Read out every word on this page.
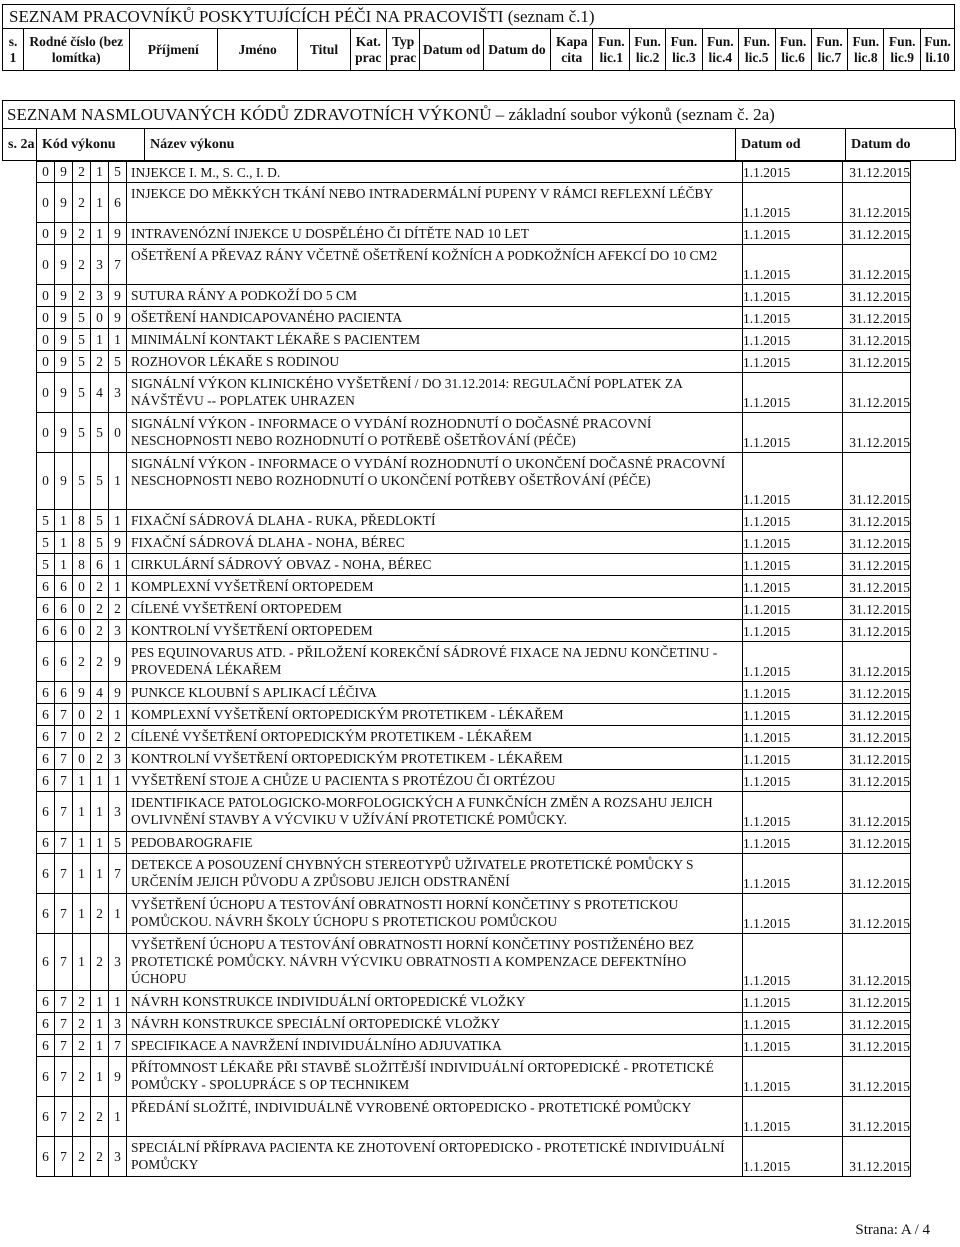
SEZNAM PRACOVNÍKŮ POSKYTUJÍCÍCH PÉČI NA PRACOVIŠTI (seznam č.1)
s. 1	Rodné číslo (bez lomítka)	Příjmení	Jméno	Titul	Kat. prac	Typ prac	Datum od	Datum do	Kapa cita	Fun. lic.1	Fun. lic.2	Fun. lic.3	Fun. lic.4	Fun. lic.5	Fun. lic.6	Fun. lic.7	Fun. lic.8	Fun. lic.9	Fun. li.10
SEZNAM NASMLOUVANÝCH KÓDŮ ZDRAVOTNÍCH VÝKONŮ – základní soubor výkonů (seznam č. 2a)
s. 2a	Kód výkonu	Název výkonu	Datum od	Datum do
0	9	2	1	5	INJEKCE I. M., S. C., I. D.	1.1.2015	31.12.2015
0	9	2	1	6	INJEKCE DO MĚKKÝCH TKÁNÍ NEBO INTRADERMÁLNÍ PUPENY V RÁMCI REFLEXNÍ LÉČBY	1.1.2015	31.12.2015
0	9	2	1	9	INTRAVENÓZNÍ INJEKCE U DOSPĚLÉHO ČI DÍTĚTE NAD 10 LET	1.1.2015	31.12.2015
0	9	2	3	7	OŠETŘENÍ A PŘEVAZ RÁNY VČETNĚ OŠETŘENÍ KOŽNÍCH A PODKOŽNÍCH AFEKCÍ DO 10 CM2	1.1.2015	31.12.2015
0	9	2	3	9	SUTURA RÁNY A PODKOŽÍ DO 5 CM	1.1.2015	31.12.2015
0	9	5	0	9	OŠETŘENÍ HANDICAPOVANÉHO PACIENTA	1.1.2015	31.12.2015
0	9	5	1	1	MINIMÁLNÍ KONTAKT LÉKAŘE S PACIENTEM	1.1.2015	31.12.2015
0	9	5	2	5	ROZHOVOR LÉKAŘE S RODINOU	1.1.2015	31.12.2015
0	9	5	4	3	SIGNÁLNÍ VÝKON KLINICKÉHO VYŠETŘENÍ / DO 31.12.2014: REGULAČNÍ POPLATEK ZA NÁVŠTĚVU -- POPLATEK UHRAZEN	1.1.2015	31.12.2015
0	9	5	5	0	SIGNÁLNÍ VÝKON - INFORMACE O VYDÁNÍ ROZHODNUTÍ O DOČASNÉ PRACOVNÍ NESCHOPNOSTI NEBO ROZHODNUTÍ O POTŘEBĚ OŠETŘOVÁNÍ (PÉČE)	1.1.2015	31.12.2015
0	9	5	5	1	SIGNÁLNÍ VÝKON - INFORMACE O VYDÁNÍ ROZHODNUTÍ O UKONČENÍ DOČASNÉ PRACOVNÍ NESCHOPNOSTI NEBO ROZHODNUTÍ O UKONČENÍ POTŘEBY OŠETŘOVÁNÍ (PÉČE)	1.1.2015	31.12.2015
5	1	8	5	1	FIXAČNÍ SÁDROVÁ DLAHA - RUKA, PŘEDLOKTÍ	1.1.2015	31.12.2015
5	1	8	5	9	FIXAČNÍ SÁDROVÁ DLAHA - NOHA, BÉREC	1.1.2015	31.12.2015
5	1	8	6	1	CIRKULÁRNÍ SÁDROVÝ OBVAZ - NOHA, BÉREC	1.1.2015	31.12.2015
6	6	0	2	1	KOMPLEXNÍ VYŠETŘENÍ ORTOPEDEM	1.1.2015	31.12.2015
6	6	0	2	2	CÍLENÉ VYŠETŘENÍ ORTOPEDEM	1.1.2015	31.12.2015
6	6	0	2	3	KONTROLNÍ VYŠETŘENÍ ORTOPEDEM	1.1.2015	31.12.2015
6	6	2	2	9	PES EQUINOVARUS ATD. - PŘILOŽENÍ KOREKČNÍ SÁDROVÉ FIXACE NA JEDNU KONČETINU - PROVEDENÁ LÉKAŘEM	1.1.2015	31.12.2015
6	6	9	4	9	PUNKCE KLOUBNÍ S APLIKACÍ LÉČIVA	1.1.2015	31.12.2015
6	7	0	2	1	KOMPLEXNÍ VYŠETŘENÍ ORTOPEDICKÝM PROTETIKEM - LÉKAŘEM	1.1.2015	31.12.2015
6	7	0	2	2	CÍLENÉ VYŠETŘENÍ ORTOPEDICKÝM PROTETIKEM - LÉKAŘEM	1.1.2015	31.12.2015
6	7	0	2	3	KONTROLNÍ VYŠETŘENÍ ORTOPEDICKÝM PROTETIKEM - LÉKAŘEM	1.1.2015	31.12.2015
6	7	1	1	1	VYŠETŘENÍ STOJE A CHŮZE U PACIENTA S PROTÉZOU ČI ORTÉZOU	1.1.2015	31.12.2015
6	7	1	1	3	IDENTIFIKACE PATOLOGICKO-MORFOLOGICKÝCH A FUNKČNÍCH ZMĚN A ROZSAHU JEJICH OVLIVNĚNÍ STAVBY A VÝCVIKU V UŽÍVÁNÍ PROTETICKÉ POMŮCKY.	1.1.2015	31.12.2015
6	7	1	1	5	PEDOBAROGRAFIE	1.1.2015	31.12.2015
6	7	1	1	7	DETEKCE A POSOUZENÍ CHYBNÝCH STEREOTYPŮ UŽIVATELE PROTETICKÉ POMŮCKY S URČENÍM JEJICH PŮVODU A ZPŮSOBU JEJICH ODSTRANĚNÍ	1.1.2015	31.12.2015
6	7	1	2	1	VYŠETŘENÍ ÚCHOPU A TESTOVÁNÍ OBRATNOSTI HORNÍ KONČETINY S PROTETICKOU POMŮCKOU. NÁVRH ŠKOLY ÚCHOPU S PROTETICKOU POMŮCKOU	1.1.2015	31.12.2015
6	7	1	2	3	VYŠETŘENÍ ÚCHOPU A TESTOVÁNÍ OBRATNOSTI HORNÍ KONČETINY POSTIŽENÉHO BEZ PROTETICKÉ POMŮCKY. NÁVRH VÝCVIKU OBRATNOSTI A KOMPENZACE DEFEKTNÍHO ÚCHOPU	1.1.2015	31.12.2015
6	7	2	1	1	NÁVRH KONSTRUKCE INDIVIDUÁLNÍ ORTOPEDICKÉ VLOŽKY	1.1.2015	31.12.2015
6	7	2	1	3	NÁVRH KONSTRUKCE SPECIÁLNÍ ORTOPEDICKÉ VLOŽKY	1.1.2015	31.12.2015
6	7	2	1	7	SPECIFIKACE A NAVRŽENÍ INDIVIDUÁLNÍHO ADJUVATIKA	1.1.2015	31.12.2015
6	7	2	1	9	PŘÍTOMNOST LÉKAŘE PŘI STAVBĚ SLOŽITĚJŠÍ INDIVIDUÁLNÍ ORTOPEDICKÉ - PROTETICKÉ POMŮCKY - SPOLUPRÁCE S OP TECHNIKEM	1.1.2015	31.12.2015
6	7	2	2	1	PŘEDÁNÍ SLOŽITÉ, INDIVIDUÁLNĚ VYROBENÉ ORTOPEDICKO - PROTETICKÉ POMŮCKY	1.1.2015	31.12.2015
6	7	2	2	3	SPECIÁLNÍ PŘÍPRAVA PACIENTA KE ZHOTOVENÍ ORTOPEDICKO - PROTETICKÉ INDIVIDUÁLNÍ POMŮCKY	1.1.2015	31.12.2015
Strana: A / 4
